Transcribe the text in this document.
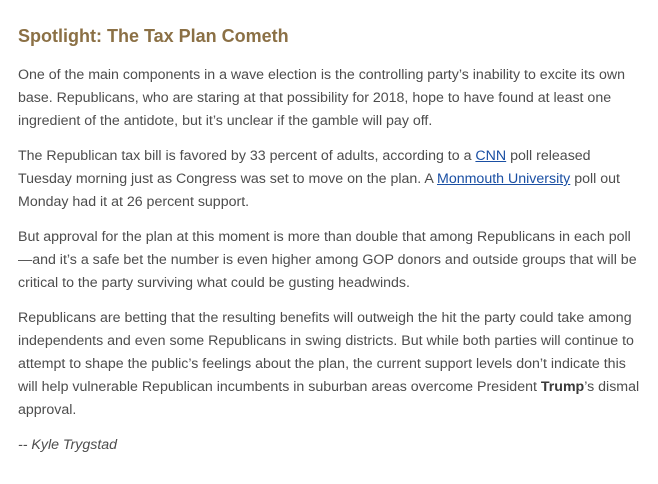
Spotlight: The Tax Plan Cometh

One of the main components in a wave election is the controlling party’s inability to excite its own base. Republicans, who are staring at that possibility for 2018, hope to have found at least one ingredient of the antidote, but it’s unclear if the gamble will pay off.

The Republican tax bill is favored by 33 percent of adults, according to a CNN poll released Tuesday morning just as Congress was set to move on the plan. A Monmouth University poll out Monday had it at 26 percent support.

But approval for the plan at this moment is more than double that among Republicans in each poll—and it’s a safe bet the number is even higher among GOP donors and outside groups that will be critical to the party surviving what could be gusting headwinds.

Republicans are betting that the resulting benefits will outweigh the hit the party could take among independents and even some Republicans in swing districts. But while both parties will continue to attempt to shape the public’s feelings about the plan, the current support levels don’t indicate this will help vulnerable Republican incumbents in suburban areas overcome President Trump’s dismal approval.

-- Kyle Trygstad
